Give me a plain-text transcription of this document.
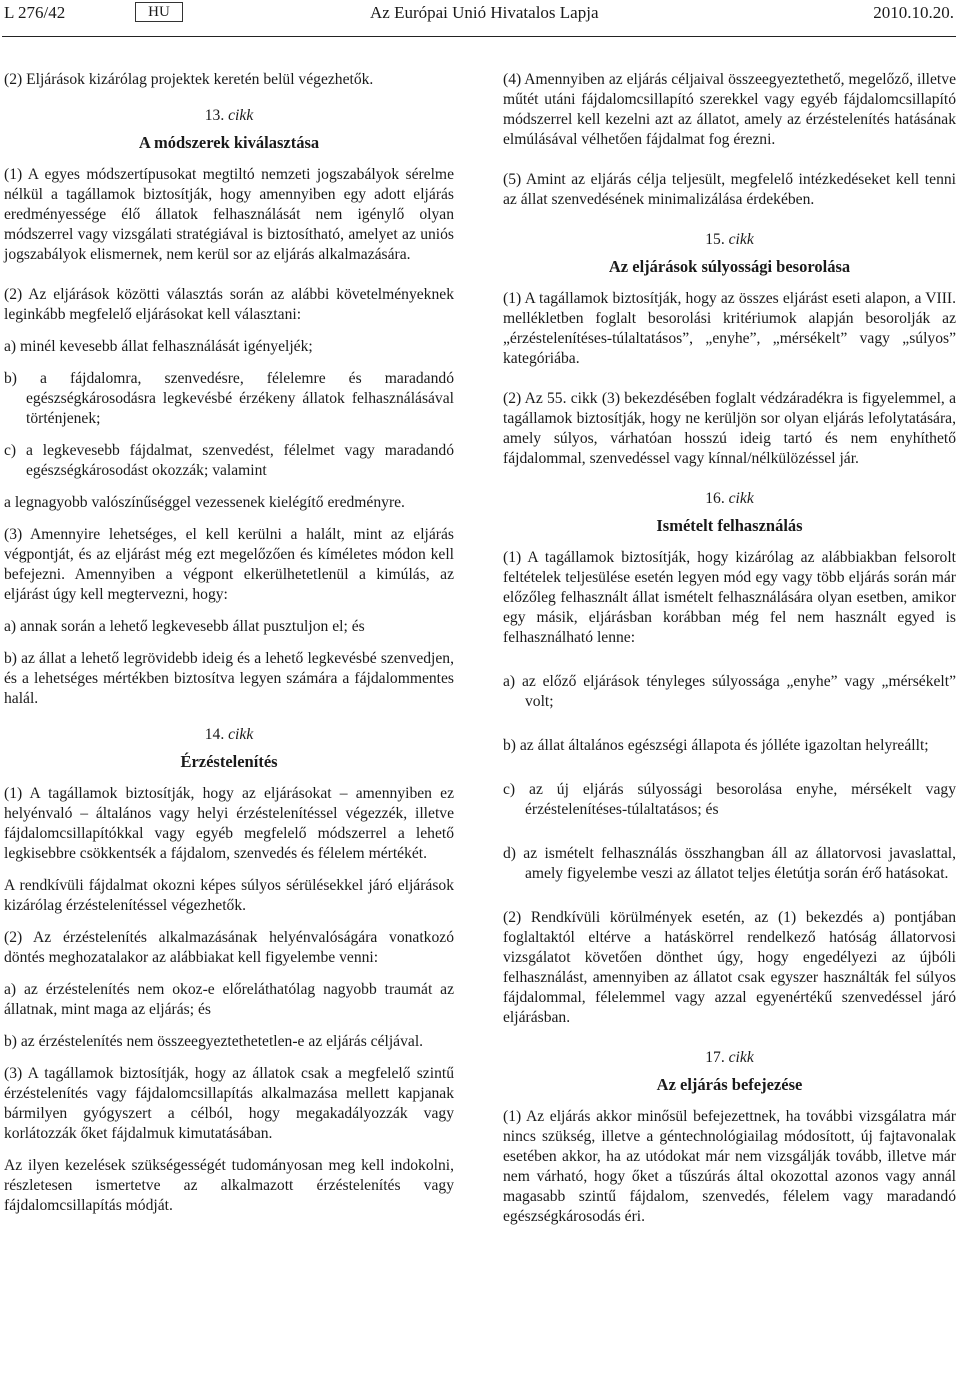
L 276/42	HU	Az Európai Unió Hivatalos Lapja	2010.10.20.

(2) Eljárások kizárólag projektek keretén belül végezhetők.

13. cikk

A módszerek kiválasztása

(1) A egyes módszertípusokat megtiltó nemzeti jogszabályok sérelme nélkül a tagállamok biztosítják, hogy amennyiben egy adott eljárás eredményessége élő állatok felhasználását nem igénylő olyan módszerrel vagy vizsgálati stratégiával is biztosítható, amelyet az uniós jogszabályok elismernek, nem kerül sor az eljárás alkalmazására.

(2) Az eljárások közötti választás során az alábbi követelményeknek leginkább megfelelő eljárásokat kell választani:

a) minél kevesebb állat felhasználását igényeljék;

b) a fájdalomra, szenvedésre, félelemre és maradandó egészségkárosodásra legkevésbé érzékeny állatok felhasználásával történjenek;

c) a legkevesebb fájdalmat, szenvedést, félelmet vagy maradandó egészségkárosodást okozzák; valamint

a legnagyobb valószínűséggel vezessenek kielégítő eredményre.

(3) Amennyire lehetséges, el kell kerülni a halált, mint az eljárás végpontját, és az eljárást még ezt megelőzően és kíméletes módon kell befejezni. Amennyiben a végpont elkerülhetetlenül a kimúlás, az eljárást úgy kell megtervezni, hogy:

a) annak során a lehető legkevesebb állat pusztuljon el; és

b) az állat a lehető legrövidebb ideig és a lehető legkevésbé szenvedjen, és a lehetséges mértékben biztosítva legyen számára a fájdalommentes halál.

14. cikk

Érzéstelenítés

(1) A tagállamok biztosítják, hogy az eljárásokat – amennyiben ez helyénvaló – általános vagy helyi érzéstelenítéssel végezzék, illetve fájdalomcsillapítókkal vagy egyéb megfelelő módszerrel a lehető legkisebbre csökkentsék a fájdalom, szenvedés és félelem mértékét.

A rendkívüli fájdalmat okozni képes súlyos sérülésekkel járó eljárások kizárólag érzéstelenítéssel végezhetők.

(2) Az érzéstelenítés alkalmazásának helyénvalóságára vonatkozó döntés meghozatalakor az alábbiakat kell figyelembe venni:

a) az érzéstelenítés nem okoz-e előreláthatólag nagyobb traumát az állatnak, mint maga az eljárás; és

b) az érzéstelenítés nem összeegyeztethetetlen-e az eljárás céljával.

(3) A tagállamok biztosítják, hogy az állatok csak a megfelelő szintű érzéstelenítés vagy fájdalomcsillapítás alkalmazása mellett kapjanak bármilyen gyógyszert a célból, hogy megakadályozzák vagy korlátozzák őket fájdalmuk kimutatásában.

Az ilyen kezelések szükségességét tudományosan meg kell indokolni, részletesen ismertetve az alkalmazott érzéstelenítés vagy fájdalomcsillapítás módját.

(4) Amennyiben az eljárás céljaival összeegyeztethető, megelőző, illetve műtét utáni fájdalomcsillapító szerekkel vagy egyéb fájdalomcsillapító módszerrel kell kezelni azt az állatot, amely az érzéstelenítés hatásának elmúlásával vélhetően fájdalmat fog érezni.

(5) Amint az eljárás célja teljesült, megfelelő intézkedéseket kell tenni az állat szenvedésének minimalizálása érdekében.

15. cikk

Az eljárások súlyossági besorolása

(1) A tagállamok biztosítják, hogy az összes eljárást eseti alapon, a VIII. mellékletben foglalt besorolási kritériumok alapján besorolják az „érzéstelenítéses-túlaltatásos”, „enyhe”, „mérsékelt” vagy „súlyos” kategóriába.

(2) Az 55. cikk (3) bekezdésében foglalt védzáradékra is figyelemmel, a tagállamok biztosítják, hogy ne kerüljön sor olyan eljárás lefolytatására, amely súlyos, várhatóan hosszú ideig tartó és nem enyhíthető fájdalommal, szenvedéssel vagy kínnal/nélkülözéssel jár.

16. cikk

Ismételt felhasználás

(1) A tagállamok biztosítják, hogy kizárólag az alábbiakban felsorolt feltételek teljesülése esetén legyen mód egy vagy több eljárás során már előzőleg felhasznált állat ismételt felhasználására olyan esetben, amikor egy másik, eljárásban korábban még fel nem használt egyed is felhasználható lenne:

a) az előző eljárások tényleges súlyossága „enyhe” vagy „mérsékelt” volt;

b) az állat általános egészségi állapota és jólléte igazoltan helyreállt;

c) az új eljárás súlyossági besorolása enyhe, mérsékelt vagy érzéstelenítéses-túlaltatásos; és

d) az ismételt felhasználás összhangban áll az állatorvosi javaslattal, amely figyelembe veszi az állatot teljes életútja során érő hatásokat.

(2) Rendkívüli körülmények esetén, az (1) bekezdés a) pontjában foglaltaktól eltérve a hatáskörrel rendelkező hatóság állatorvosi vizsgálatot követően dönthet úgy, hogy engedélyezi az újbóli felhasználást, amennyiben az állatot csak egyszer használták fel súlyos fájdalommal, félelemmel vagy azzal egyenértékű szenvedéssel járó eljárásban.

17. cikk

Az eljárás befejezése

(1) Az eljárás akkor minősül befejezettnek, ha további vizsgálatra már nincs szükség, illetve a géntechnológiailag módosított, új fajtavonalak esetében akkor, ha az utódokat már nem vizsgálják tovább, illetve már nem várható, hogy őket a tűszúrás által okozottal azonos vagy annál magasabb szintű fájdalom, szenvedés, félelem vagy maradandó egészségkárosodás éri.
